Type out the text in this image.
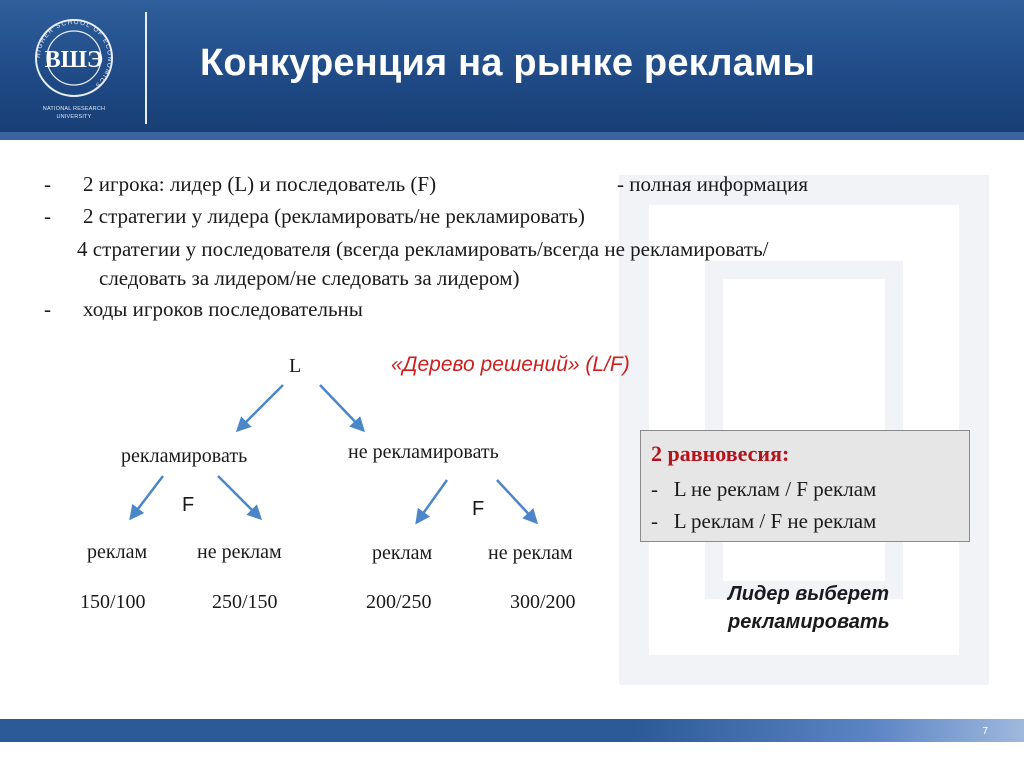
HIGHER SCHOOL OF ECONOMICS
ВШЭ
NATIONAL RESEARCH
UNIVERSITY
Конкуренция на рынке рекламы
- 2 игрока: лидер (L) и последователь (F)	- полная информация
- 2 стратегии у лидера (рекламировать/не рекламировать)
4 стратегии у последователя (всегда рекламировать/всегда не рекламировать/
следовать за лидером/не следовать за лидером)
- ходы игроков последовательны
«Дерево решений» (L/F)
L
рекламировать	не рекламировать
F	F
реклам не реклам	реклам	не реклам
150/100	250/150	200/250	300/200
2 равновесия:
- L не реклам / F реклам
- L реклам / F не реклам
Лидер выберет
рекламировать
7
